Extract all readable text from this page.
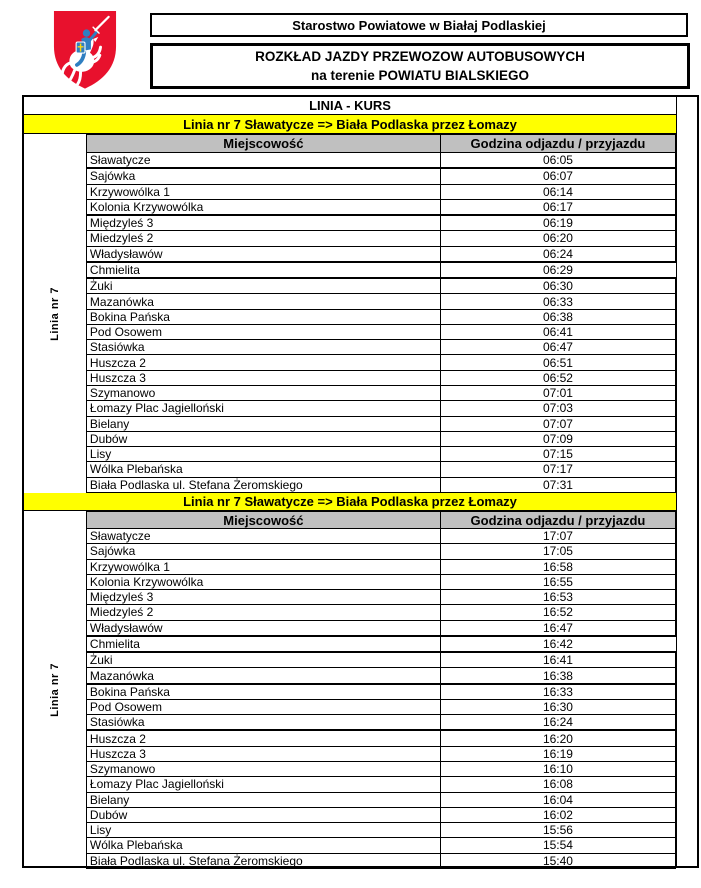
Starostwo Powiatowe w Białaj Podlaskiej
ROZKŁAD JAZDY PRZEWOZOW AUTOBUSOWYCH
na terenie POWIATU BIALSKIEGO
LINIA - KURS
Linia nr 7 Sławatycze => Biała Podlaska przez Łomazy
Linia nr 7
Miejscowość	Godzina odjazdu / przyjazdu
Sławatycze	06:05
Sajówka	06:07
Krzywowólka 1	06:14
Kolonia Krzywowólka	06:17
Międzyleś 3	06:19
Miedzyleś 2	06:20
Władysławów	06:24
Chmielita	06:29
Żuki	06:30
Mazanówka	06:33
Bokina Pańska	06:38
Pod Osowem	06:41
Stasiówka	06:47
Huszcza 2	06:51
Huszcza 3	06:52
Szymanowo	07:01
Łomazy Plac Jagielloński	07:03
Bielany	07:07
Dubów	07:09
Lisy	07:15
Wólka Plebańska	07:17
Biała Podlaska ul. Stefana Żeromskiego	07:31
Linia nr 7 Sławatycze => Biała Podlaska przez Łomazy
Linia nr 7
Miejscowość	Godzina odjazdu / przyjazdu
Sławatycze	17:07
Sajówka	17:05
Krzywowólka 1	16:58
Kolonia Krzywowólka	16:55
Międzyleś 3	16:53
Miedzyleś 2	16:52
Władysławów	16:47
Chmielita	16:42
Żuki	16:41
Mazanówka	16:38
Bokina Pańska	16:33
Pod Osowem	16:30
Stasiówka	16:24
Huszcza 2	16:20
Huszcza 3	16:19
Szymanowo	16:10
Łomazy Plac Jagielloński	16:08
Bielany	16:04
Dubów	16:02
Lisy	15:56
Wólka Plebańska	15:54
Biała Podlaska ul. Stefana Żeromskiego	15:40
